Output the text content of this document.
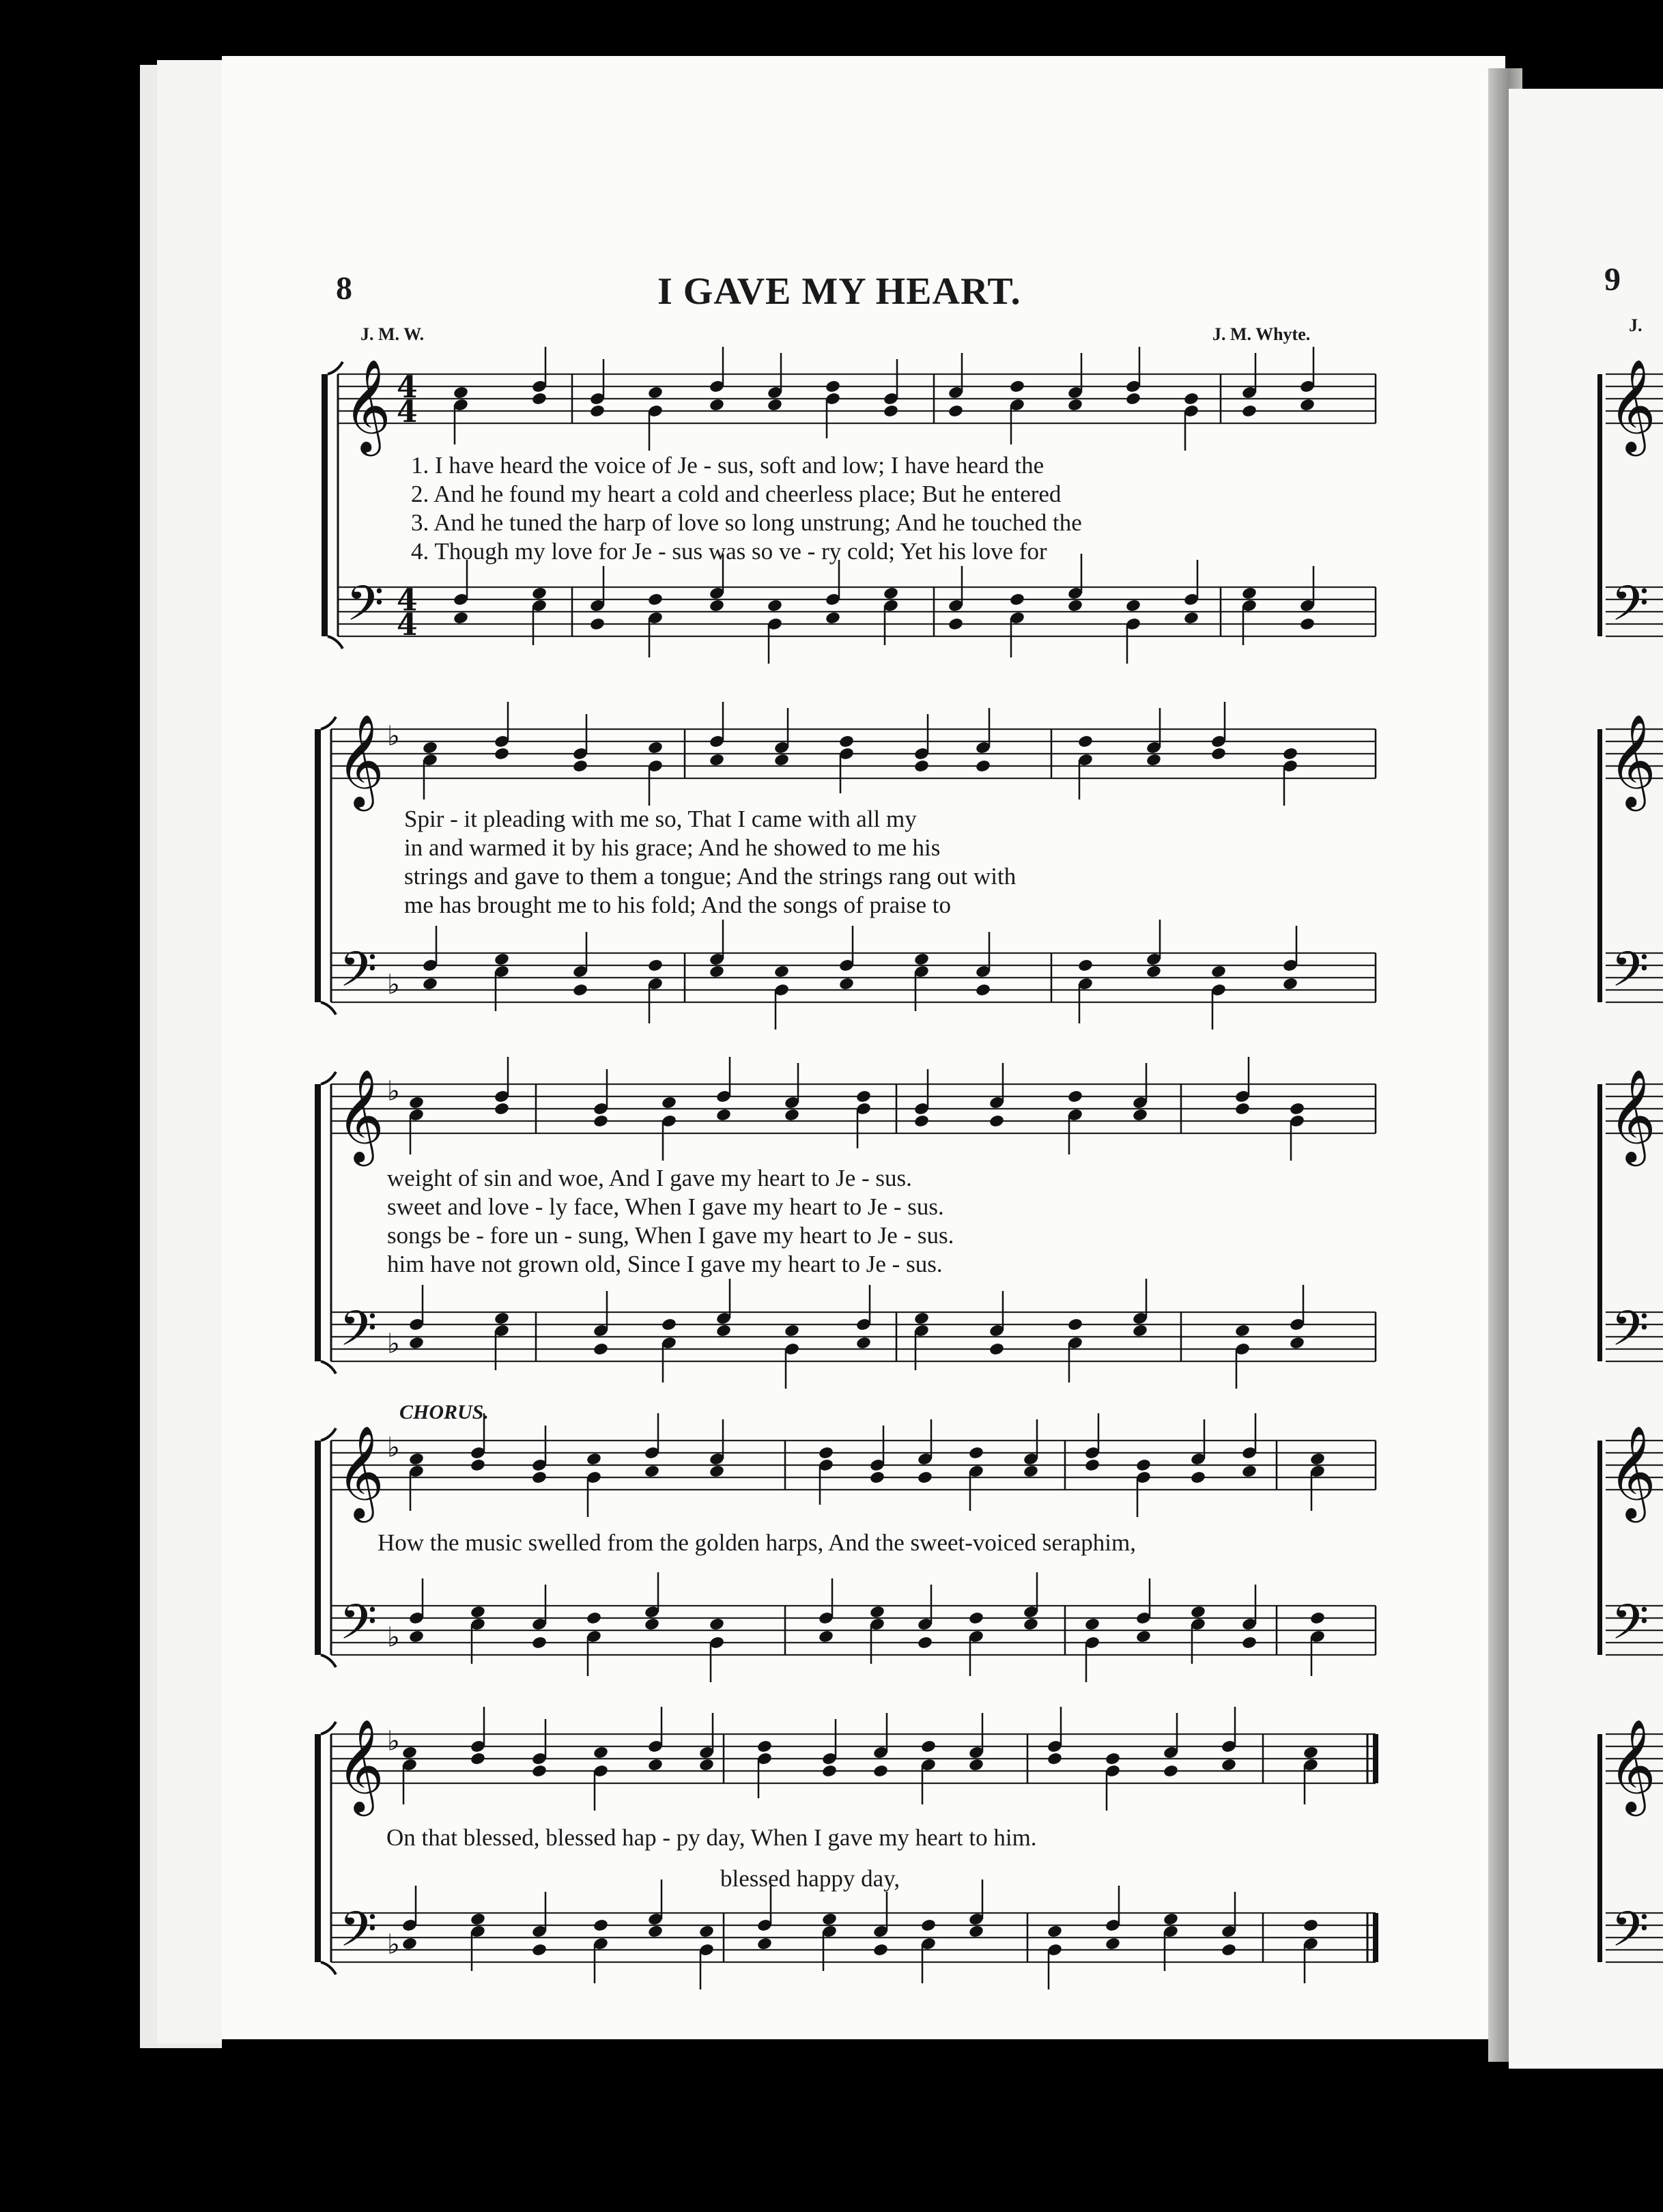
𝄞
𝄢
4
4
4
4
𝄞
𝄢
♭
♭
𝄞
𝄢
♭
♭
𝄞
𝄢
♭
♭
𝄞
𝄢
♭
♭
𝄞
𝄢
𝄞
𝄢
𝄞
𝄢
𝄞
𝄢
𝄞
𝄢
8	I GAVE MY HEART.
J. M. W.	J. M. Whyte.
9
J.
1. I have heard the voice of Je - sus, soft and low; I have heard the
2. And he found my heart a cold and cheerless place; But he entered
3. And he tuned the harp of love so long unstrung; And he touched the
4. Though my love for Je - sus was so ve - ry cold; Yet his love for
Spir - it pleading with me so, That I came with all my
in and warmed it by his grace; And he showed to me his
strings and gave to them a tongue; And the strings rang out with
me has brought me to his fold; And the songs of praise to
weight of sin and woe, And I gave my heart to Je - sus.
sweet and love - ly face, When I gave my heart to Je - sus.
songs be - fore un - sung, When I gave my heart to Je - sus.
him have not grown old, Since I gave my heart to Je - sus.
CHORUS.
How the music swelled from the golden harps, And the sweet-voiced seraphim,
On that blessed, blessed hap - py day, When I gave my heart to him.
blessed happy day,
